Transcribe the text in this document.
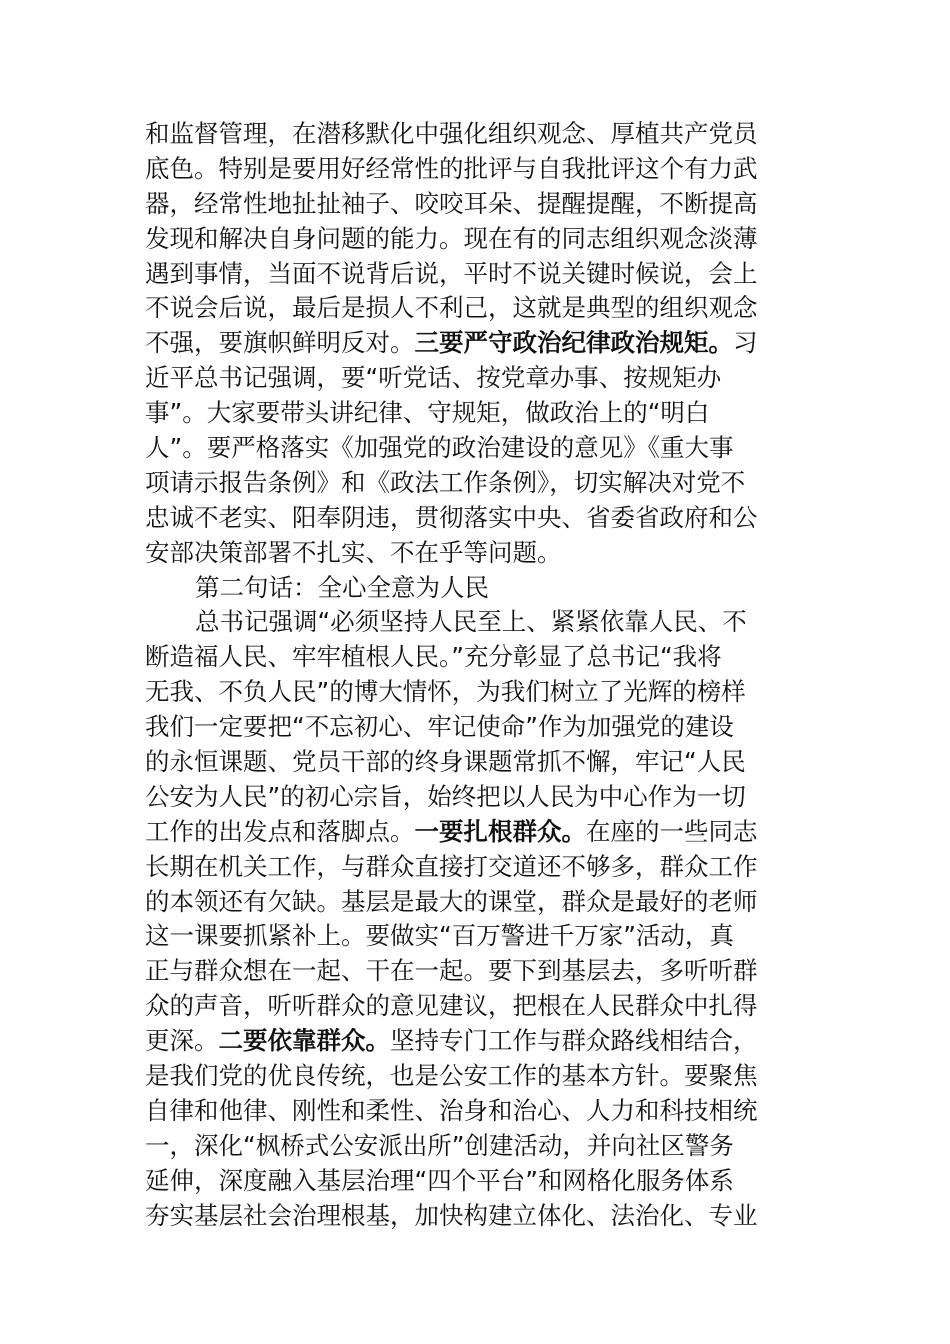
和监督管理，在潜移默化中强化组织观念、厚植共产党员
底色。特别是要用好经常性的批评与自我批评这个有力武
器，经常性地扯扯袖子、咬咬耳朵、提醒提醒，不断提高
发现和解决自身问题的能力。现在有的同志组织观念淡薄
遇到事情，当面不说背后说，平时不说关键时候说，会上
不说会后说，最后是损人不利己，这就是典型的组织观念
不强，要旗帜鲜明反对。三要严守政治纪律政治规矩。习
近平总书记强调，要“听党话、按党章办事、按规矩办
事”。大家要带头讲纪律、守规矩，做政治上的“明白
人”。要严格落实《加强党的政治建设的意见》《重大事
项请示报告条例》和《政法工作条例》，切实解决对党不
忠诚不老实、阳奉阴违，贯彻落实中央、省委省政府和公
安部决策部署不扎实、不在乎等问题。
第二句话：全心全意为人民
总书记强调“必须坚持人民至上、紧紧依靠人民、不
断造福人民、牢牢植根人民。”充分彰显了总书记“我将
无我、不负人民”的博大情怀，为我们树立了光辉的榜样
我们一定要把“不忘初心、牢记使命”作为加强党的建设
的永恒课题、党员干部的终身课题常抓不懈，牢记“人民
公安为人民”的初心宗旨，始终把以人民为中心作为一切
工作的出发点和落脚点。一要扎根群众。在座的一些同志
长期在机关工作，与群众直接打交道还不够多，群众工作
的本领还有欠缺。基层是最大的课堂，群众是最好的老师
这一课要抓紧补上。要做实“百万警进千万家”活动，真
正与群众想在一起、干在一起。要下到基层去，多听听群
众的声音，听听群众的意见建议，把根在人民群众中扎得
更深。二要依靠群众。坚持专门工作与群众路线相结合，
是我们党的优良传统，也是公安工作的基本方针。要聚焦
自律和他律、刚性和柔性、治身和治心、人力和科技相统
一，深化“枫桥式公安派出所”创建活动，并向社区警务
延伸，深度融入基层治理“四个平台”和网格化服务体系
夯实基层社会治理根基，加快构建立体化、法治化、专业
